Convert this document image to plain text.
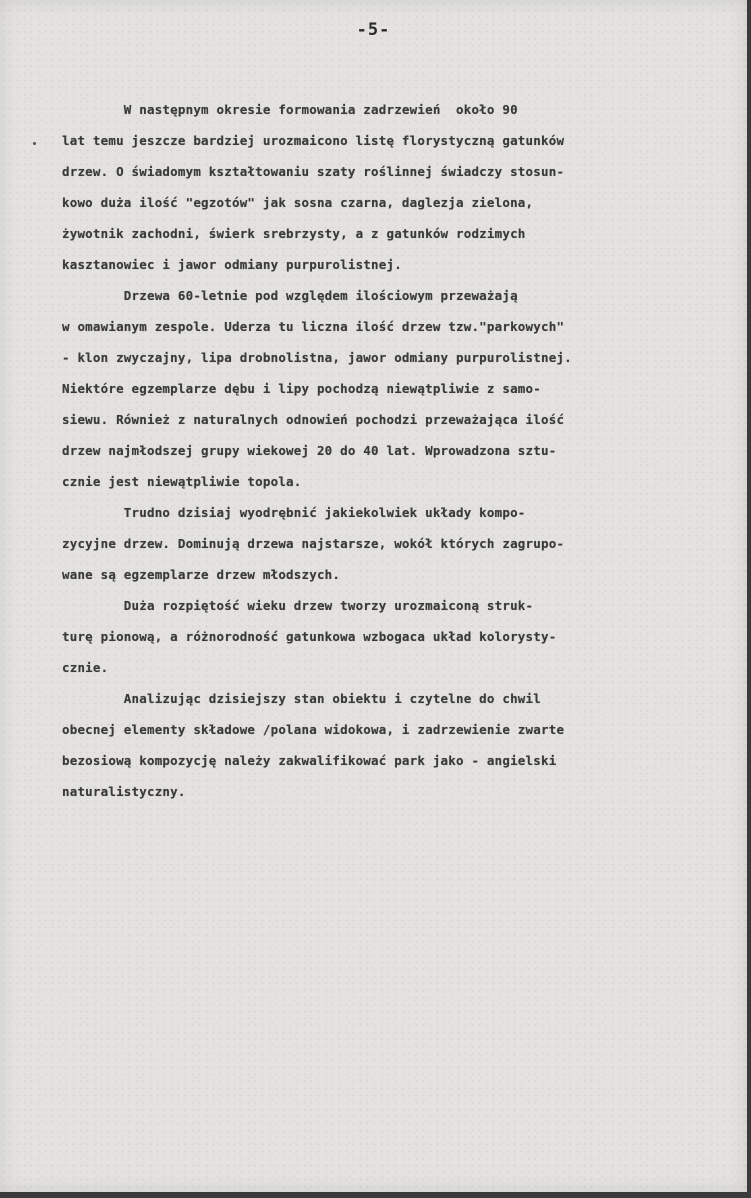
-5-
W następnym okresie formowania zadrzewień  około 90
lat temu jeszcze bardziej urozmaicono listę florystyczną gatunków
drzew. O świadomym kształtowaniu szaty roślinnej świadczy stosun-
kowo duża ilość "egzotów" jak sosna czarna, daglezja zielona,
żywotnik zachodni, świerk srebrzysty, a z gatunków rodzimych
kasztanowiec i jawor odmiany purpurolistnej.
Drzewa 60-letnie pod względem ilościowym przeważają
w omawianym zespole. Uderza tu liczna ilość drzew tzw."parkowych"
- klon zwyczajny, lipa drobnolistna, jawor odmiany purpurolistnej.
Niektóre egzemplarze dębu i lipy pochodzą niewątpliwie z samo-
siewu. Również z naturalnych odnowień pochodzi przeważająca ilość
drzew najmłodszej grupy wiekowej 20 do 40 lat. Wprowadzona sztu-
cznie jest niewątpliwie topola.
Trudno dzisiaj wyodrębnić jakiekolwiek układy kompo-
zycyjne drzew. Dominują drzewa najstarsze, wokół których zagrupo-
wane są egzemplarze drzew młodszych.
Duża rozpiętość wieku drzew tworzy urozmaiconą struk-
turę pionową, a różnorodność gatunkowa wzbogaca układ kolorysty-
cznie.
Analizując dzisiejszy stan obiektu i czytelne do chwil
obecnej elementy składowe /polana widokowa, i zadrzewienie zwarte
bezosiową kompozycję należy zakwalifikować park jako - angielski
naturalistyczny.
